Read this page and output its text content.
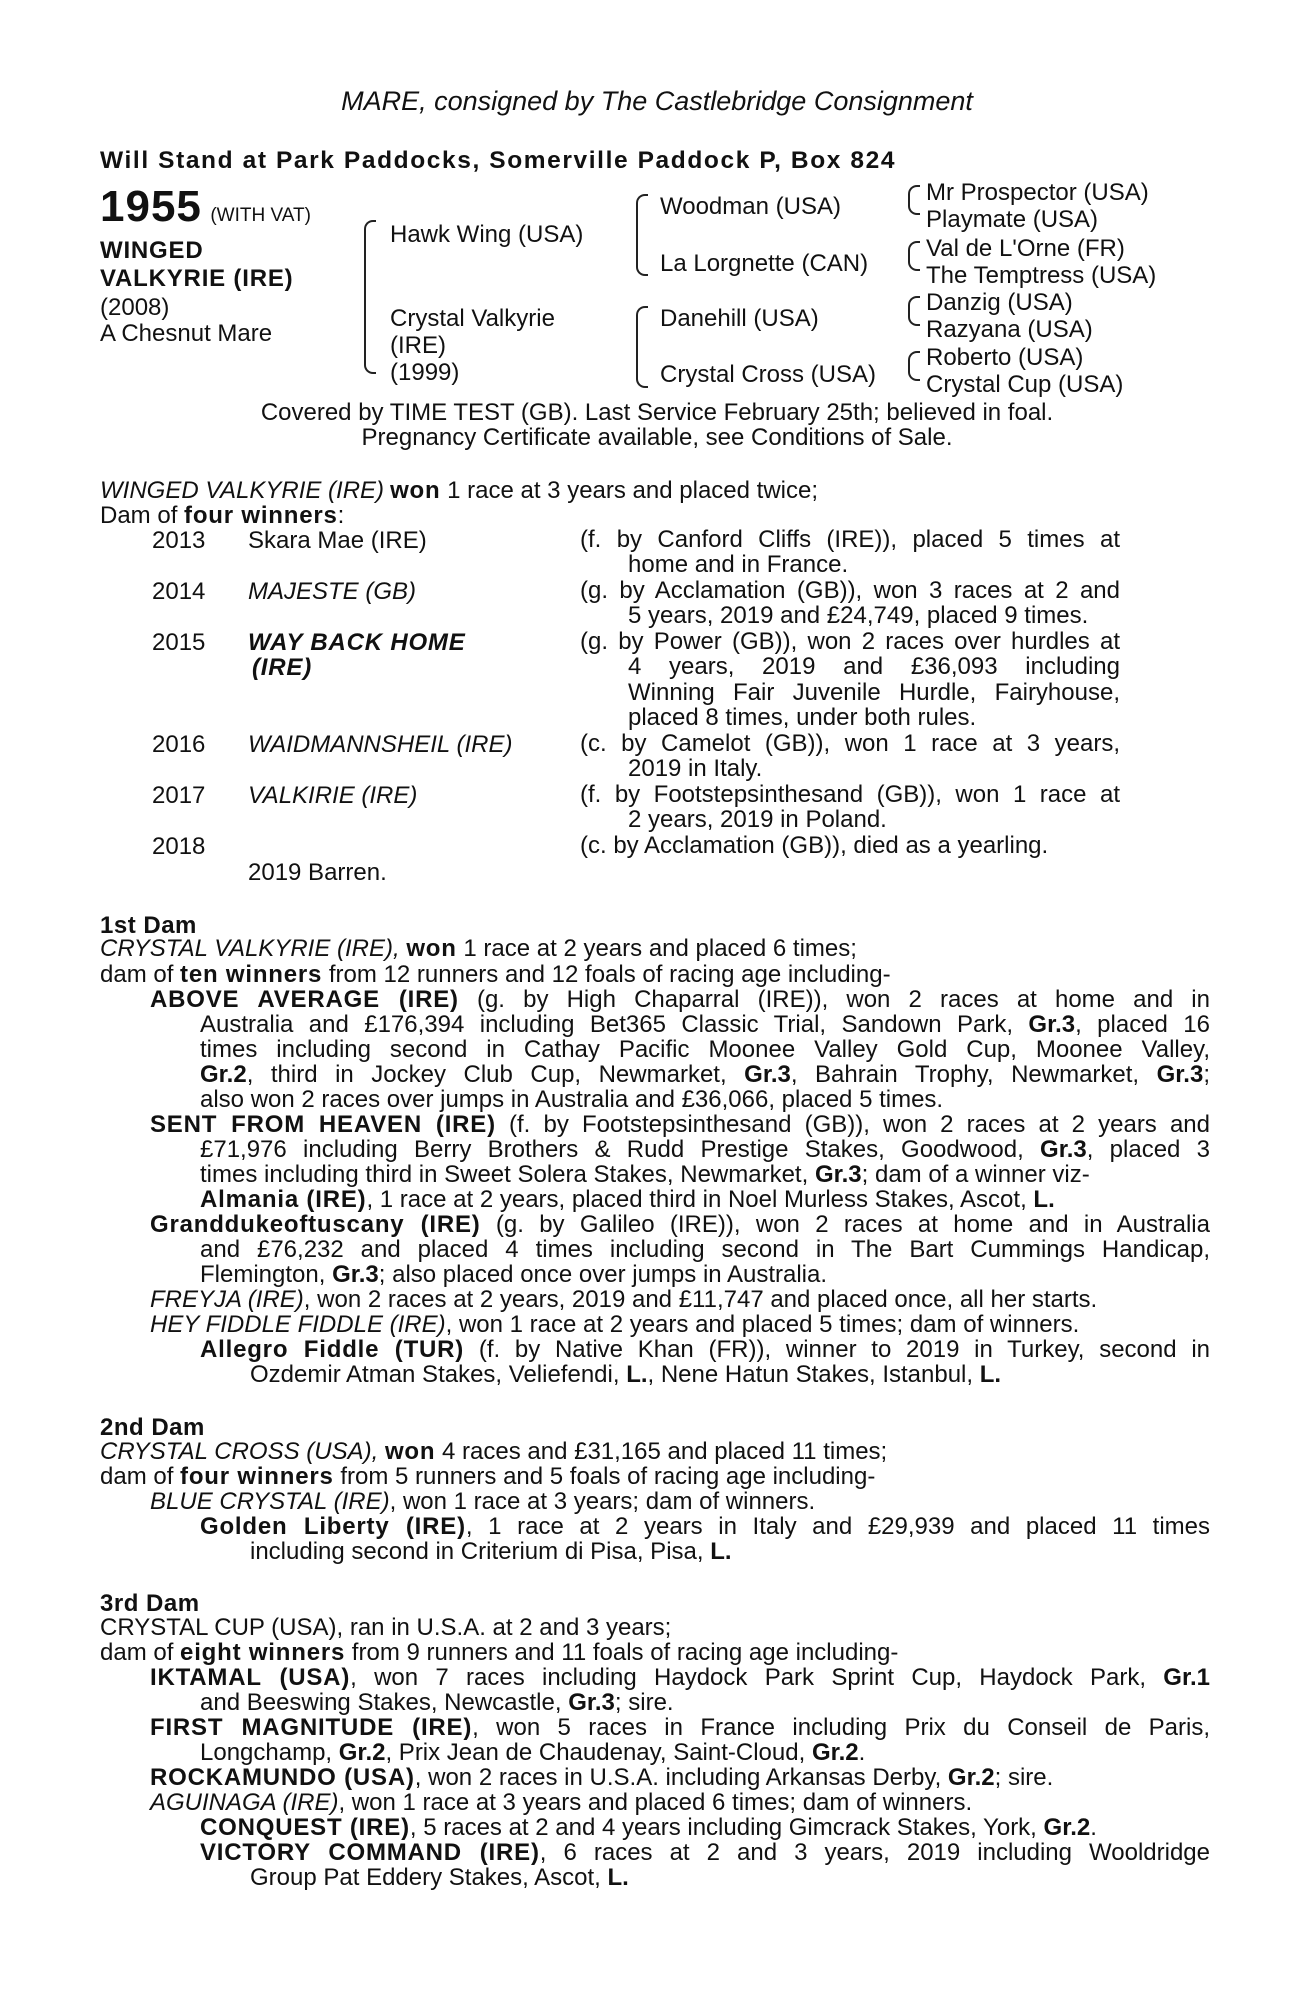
MARE, consigned by The Castlebridge Consignment
Will Stand at Park Paddocks, Somerville Paddock P, Box 824
1955 (WITH VAT)
WINGED
VALKYRIE (IRE)
(2008)
A Chesnut Mare
Hawk Wing (USA)
Crystal Valkyrie
(IRE)
(1999)
Woodman (USA)
La Lorgnette (CAN)
Danehill (USA)
Crystal Cross (USA)
Mr Prospector (USA)
Playmate (USA)
Val de L'Orne (FR)
The Temptress (USA)
Danzig (USA)
Razyana (USA)
Roberto (USA)
Crystal Cup (USA)
Covered by TIME TEST (GB). Last Service February 25th; believed in foal.
Pregnancy Certificate available, see Conditions of Sale.
WINGED VALKYRIE (IRE) won 1 race at 3 years and placed twice;
Dam of four winners:
2013 Skara Mae (IRE)	(f. by Canford Cliffs (IRE)), placed 5 times at
home and in France.
2014 MAJESTE (GB)	(g. by Acclamation (GB)), won 3 races at 2 and
5 years, 2019 and £24,749, placed 9 times.
2015 WAY BACK HOME
(IRE)
(g. by Power (GB)), won 2 races over hurdles at
4 years, 2019 and £36,093 including
Winning Fair Juvenile Hurdle, Fairyhouse,
placed 8 times, under both rules.
2016 WAIDMANNSHEIL (IRE)	(c. by Camelot (GB)), won 1 race at 3 years,
2019 in Italy.
2017 VALKIRIE (IRE)	(f. by Footstepsinthesand (GB)), won 1 race at
2 years, 2019 in Poland.
2018	(c. by Acclamation (GB)), died as a yearling.
2019 Barren.
1st Dam
CRYSTAL VALKYRIE (IRE), won 1 race at 2 years and placed 6 times;
dam of ten winners from 12 runners and 12 foals of racing age including-
ABOVE AVERAGE (IRE) (g. by High Chaparral (IRE)), won 2 races at home and in
Australia and £176,394 including Bet365 Classic Trial, Sandown Park, Gr.3, placed 16
times including second in Cathay Pacific Moonee Valley Gold Cup, Moonee Valley,
Gr.2, third in Jockey Club Cup, Newmarket, Gr.3, Bahrain Trophy, Newmarket, Gr.3;
also won 2 races over jumps in Australia and £36,066, placed 5 times.
SENT FROM HEAVEN (IRE) (f. by Footstepsinthesand (GB)), won 2 races at 2 years and
£71,976 including Berry Brothers & Rudd Prestige Stakes, Goodwood, Gr.3, placed 3
times including third in Sweet Solera Stakes, Newmarket, Gr.3; dam of a winner viz-
Almania (IRE), 1 race at 2 years, placed third in Noel Murless Stakes, Ascot, L.
Granddukeoftuscany (IRE) (g. by Galileo (IRE)), won 2 races at home and in Australia
and £76,232 and placed 4 times including second in The Bart Cummings Handicap,
Flemington, Gr.3; also placed once over jumps in Australia.
FREYJA (IRE), won 2 races at 2 years, 2019 and £11,747 and placed once, all her starts.
HEY FIDDLE FIDDLE (IRE), won 1 race at 2 years and placed 5 times; dam of winners.
Allegro Fiddle (TUR) (f. by Native Khan (FR)), winner to 2019 in Turkey, second in
Ozdemir Atman Stakes, Veliefendi, L., Nene Hatun Stakes, Istanbul, L.
2nd Dam
CRYSTAL CROSS (USA), won 4 races and £31,165 and placed 11 times;
dam of four winners from 5 runners and 5 foals of racing age including-
BLUE CRYSTAL (IRE), won 1 race at 3 years; dam of winners.
Golden Liberty (IRE), 1 race at 2 years in Italy and £29,939 and placed 11 times
including second in Criterium di Pisa, Pisa, L.
3rd Dam
CRYSTAL CUP (USA), ran in U.S.A. at 2 and 3 years;
dam of eight winners from 9 runners and 11 foals of racing age including-
IKTAMAL (USA), won 7 races including Haydock Park Sprint Cup, Haydock Park, Gr.1
and Beeswing Stakes, Newcastle, Gr.3; sire.
FIRST MAGNITUDE (IRE), won 5 races in France including Prix du Conseil de Paris,
Longchamp, Gr.2, Prix Jean de Chaudenay, Saint-Cloud, Gr.2.
ROCKAMUNDO (USA), won 2 races in U.S.A. including Arkansas Derby, Gr.2; sire.
AGUINAGA (IRE), won 1 race at 3 years and placed 6 times; dam of winners.
CONQUEST (IRE), 5 races at 2 and 4 years including Gimcrack Stakes, York, Gr.2.
VICTORY COMMAND (IRE), 6 races at 2 and 3 years, 2019 including Wooldridge
Group Pat Eddery Stakes, Ascot, L.
